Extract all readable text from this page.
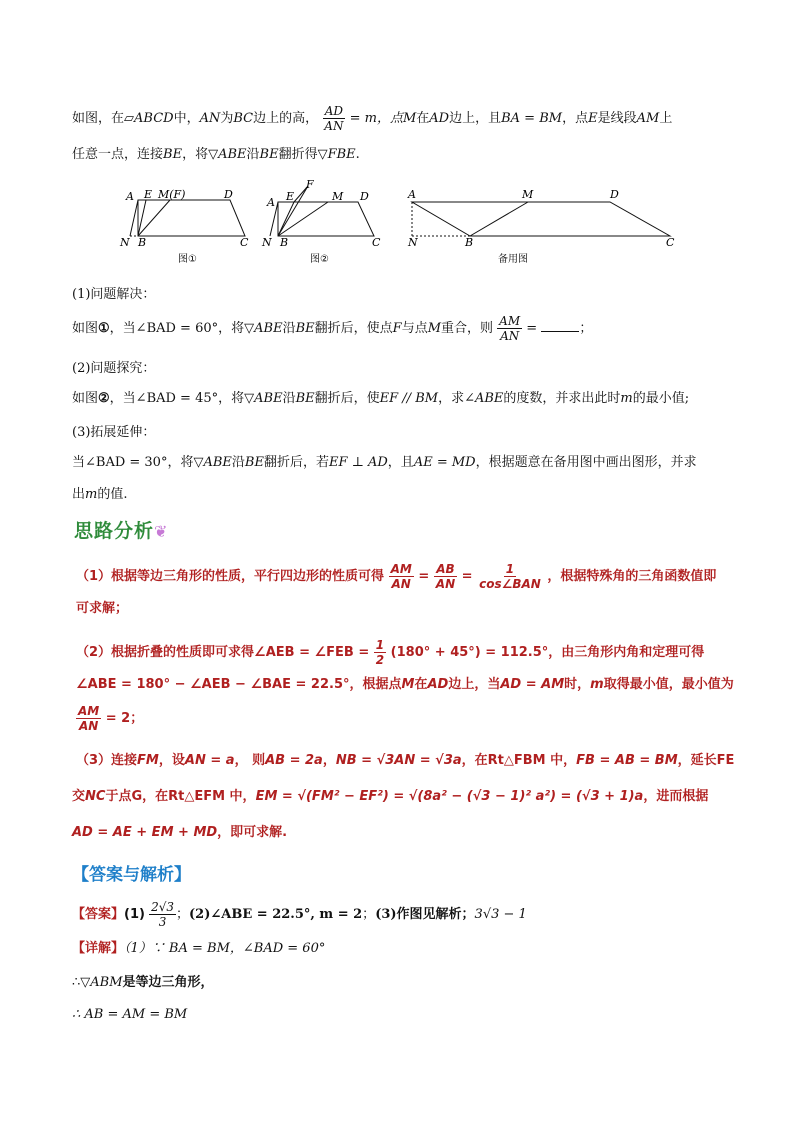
如图，在▱ABCD中，AN为BC边上的高， $\frac{AD}{AN} = m$，点M在AD边上，且BA = BM，点E是线段AM上
任意一点，连接BE，将▽ABE沿BE翻折得▽FBE.
A E M(F)	D
N B	C
图①
F
A E	M D
N B	C
图②
A	M	D
N	B	C
备用图
(1)问题解决：
如图①，当∠BAD = 60°，将▽ABE沿BE翻折后，使点F与点M重合，则 $\frac{AM}{AN}$ =	；
(2)问题探究：
如图②，当∠BAD = 45°，将▽ABE沿BE翻折后，使EF // BM，求∠ABE的度数，并求出此时m的最小值;
(3)拓展延伸：
当∠BAD = 30°，将▽ABE沿BE翻折后，若EF ⊥ AD，且AE = MD，根据题意在备用图中画出图形，并求
出m的值.
思路分析❦
（1）根据等边三角形的性质，平行四边形的性质可得 $\frac{AM}{AN} = \frac{AB}{AN} = \frac{1}{\text{cos∠BAN}}$ ，根据特殊角的三角函数值即
可求解；
（2）根据折叠的性质即可求得∠AEB = ∠FEB = $\frac{1}{2} (180^\circ + 45^\circ) = 112.5^\circ$，由三角形内角和定理可得
∠ABE = 180° − ∠AEB − ∠BAE = 22.5°，根据点M在AD边上，当AD = AM时，m取得最小值，最小值为
$\frac{AM}{AN} = 2$；
（3）连接FM，设AN = a， 则AB = 2a，NB = √3AN = √3a，在Rt△FBM 中，FB = AB = BM，延长FE
交NC于点G，在Rt△EFM 中，EM = √(FM² − EF²) = √(8a² − (√3 − 1)² a²) = (√3 + 1)a，进而根据
AD = AE + EM + MD，即可求解.
【答案与解析】
【答案】$(1) \frac{2√3}{3}$ ；(2)∠ABE = 22.5°, m = 2；(3)作图见解析；3√3 − 1
【详解】（1）∵ BA = BM，∠BAD = 60°
∴▽ABM是等边三角形，
∴ AB = AM = BM
